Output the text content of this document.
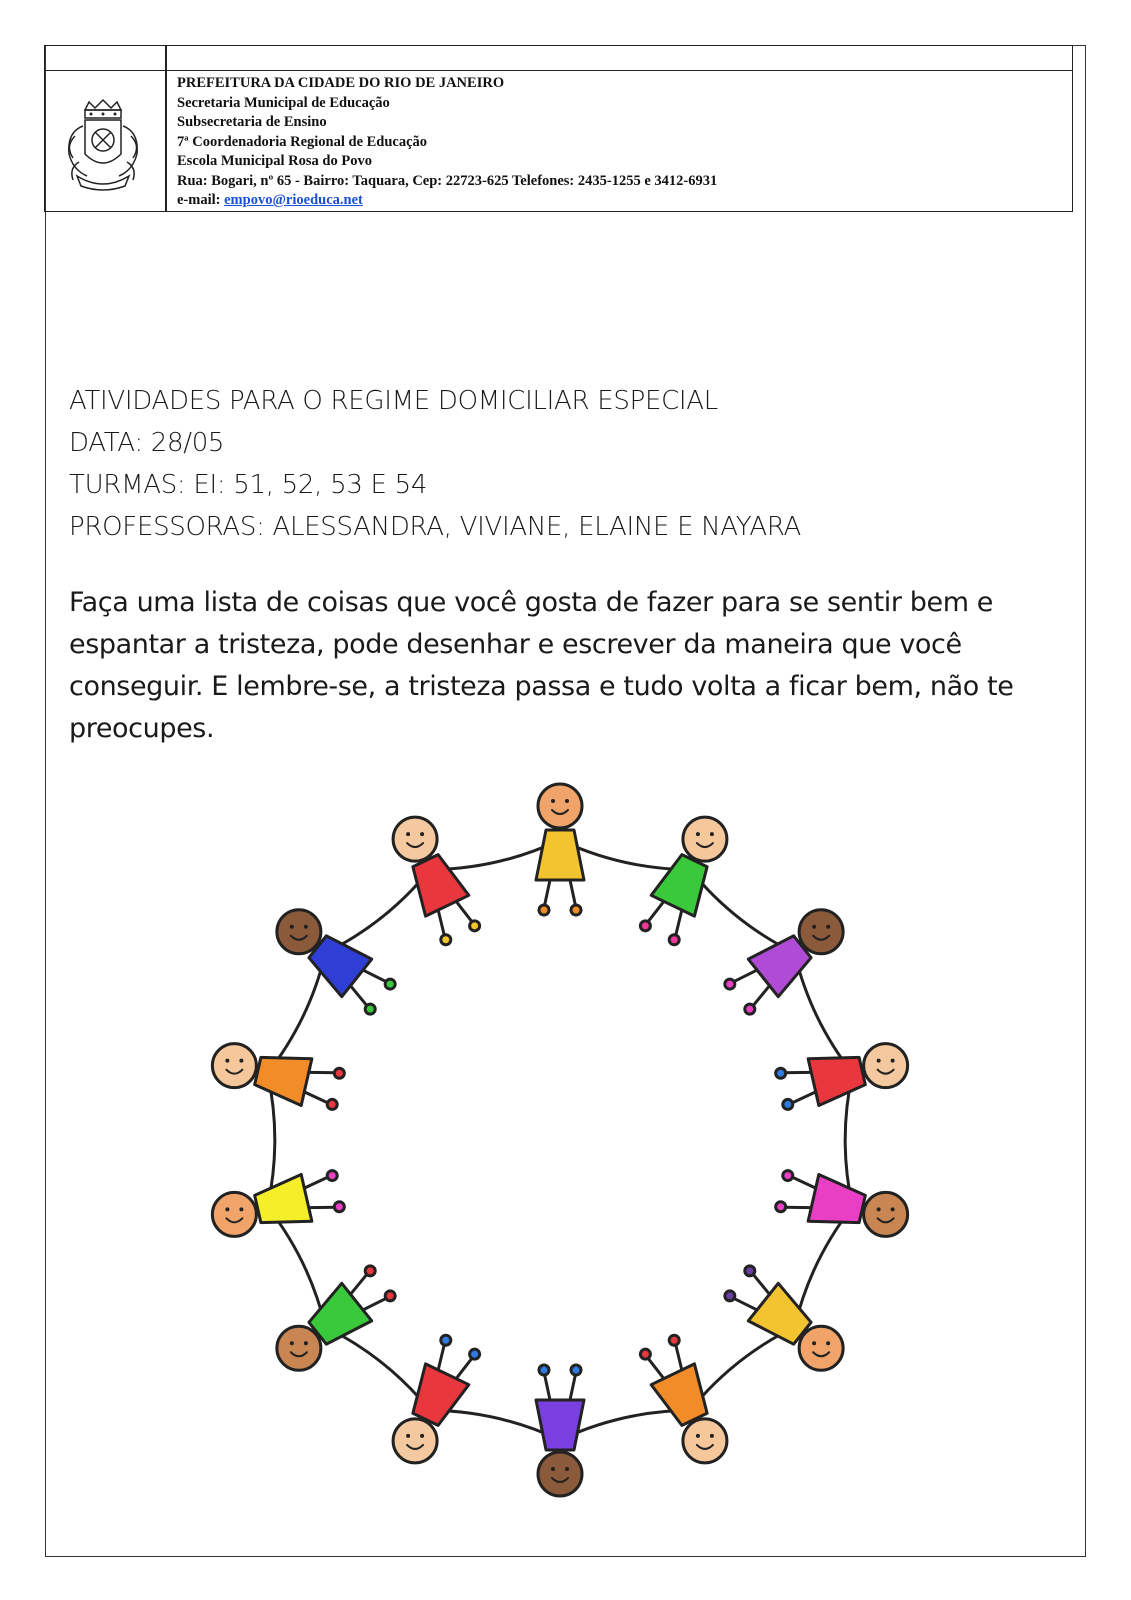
PREFEITURA DA CIDADE DO RIO DE JANEIRO
Secretaria Municipal de Educação
Subsecretaria de Ensino
7ª Coordenadoria Regional de Educação
Escola Municipal Rosa do Povo
Rua: Bogari, nº 65 - Bairro: Taquara, Cep: 22723-625 Telefones: 2435-1255 e 3412-6931
e-mail: empovo@rioeduca.net
ATIVIDADES PARA O REGIME DOMICILIAR ESPECIAL
DATA: 28/05
TURMAS: EI: 51, 52, 53 E 54
PROFESSORAS: ALESSANDRA, VIVIANE, ELAINE E NAYARA
Faça uma lista de coisas que você gosta de fazer para se sentir bem e espantar a tristeza, pode desenhar e escrever da maneira que você conseguir. E lembre-se, a tristeza passa e tudo volta a ficar bem, não te preocupes.
